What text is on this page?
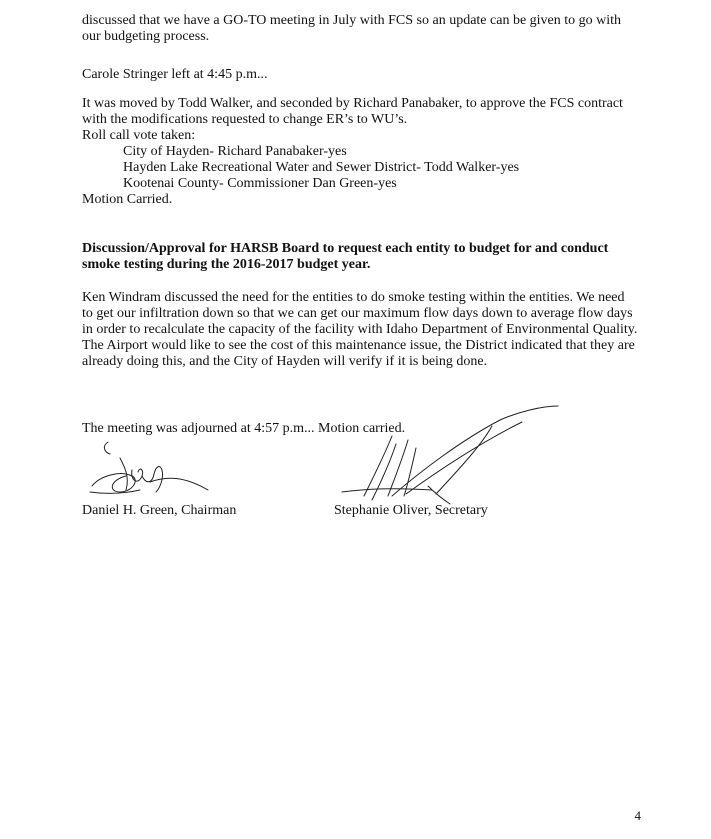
discussed that we have a GO-TO meeting in July with FCS so an update can be given to go with
our budgeting process.

Carole Stringer left at 4:45 p.m...

It was moved by Todd Walker, and seconded by Richard Panabaker, to approve the FCS contract
with the modifications requested to change ER’s to WU’s.
Roll call vote taken:
City of Hayden- Richard Panabaker-yes
Hayden Lake Recreational Water and Sewer District- Todd Walker-yes
Kootenai County- Commissioner Dan Green-yes
Motion Carried.
Discussion/Approval for HARSB Board to request each entity to budget for and conduct
smoke testing during the 2016-2017 budget year.
Ken Windram discussed the need for the entities to do smoke testing within the entities. We need
to get our infiltration down so that we can get our maximum flow days down to average flow days
in order to recalculate the capacity of the facility with Idaho Department of Environmental Quality.
The Airport would like to see the cost of this maintenance issue, the District indicated that they are
already doing this, and the City of Hayden will verify if it is being done.

The meeting was adjourned at 4:57 p.m... Motion carried.

Daniel H. Green, Chairman	Stephanie Oliver, Secretary
4
